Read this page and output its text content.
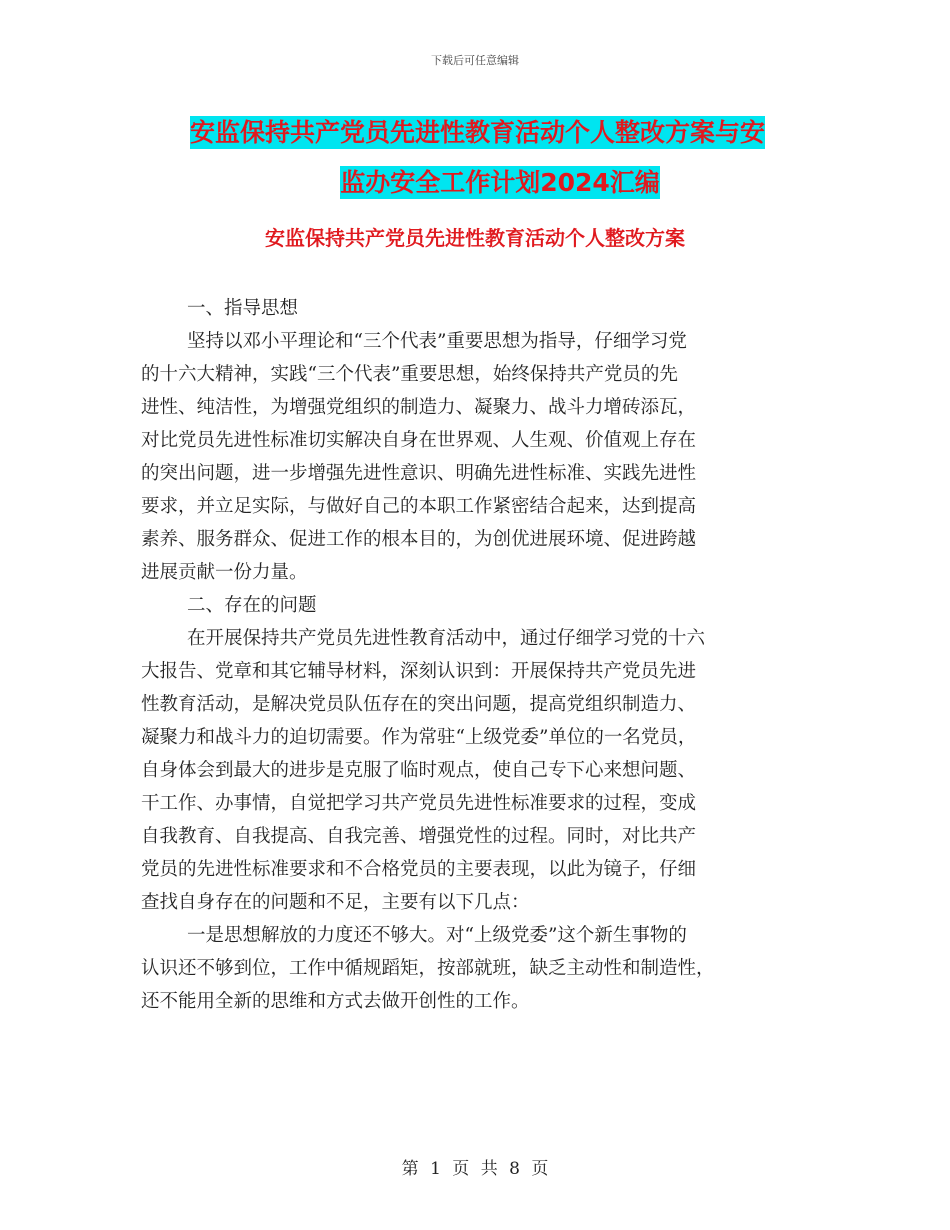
下载后可任意编辑
安监保持共产党员先进性教育活动个人整改方案与安
监办安全工作计划2024汇编
安监保持共产党员先进性教育活动个人整改方案
一、指导思想
坚持以邓小平理论和“三个代表”重要思想为指导，仔细学习党
的十六大精神，实践“三个代表”重要思想，始终保持共产党员的先
进性、纯洁性，为增强党组织的制造力、凝聚力、战斗力增砖添瓦，
对比党员先进性标准切实解决自身在世界观、人生观、价值观上存在
的突出问题，进一步增强先进性意识、明确先进性标准、实践先进性
要求，并立足实际，与做好自己的本职工作紧密结合起来，达到提高
素养、服务群众、促进工作的根本目的，为创优进展环境、促进跨越
进展贡献一份力量。
二、存在的问题
在开展保持共产党员先进性教育活动中，通过仔细学习党的十六
大报告、党章和其它辅导材料，深刻认识到：开展保持共产党员先进
性教育活动，是解决党员队伍存在的突出问题，提高党组织制造力、
凝聚力和战斗力的迫切需要。作为常驻“上级党委”单位的一名党员，
自身体会到最大的进步是克服了临时观点，使自己专下心来想问题、
干工作、办事情，自觉把学习共产党员先进性标准要求的过程，变成
自我教育、自我提高、自我完善、增强党性的过程。同时，对比共产
党员的先进性标准要求和不合格党员的主要表现，以此为镜子，仔细
查找自身存在的问题和不足，主要有以下几点：
一是思想解放的力度还不够大。对“上级党委”这个新生事物的
认识还不够到位，工作中循规蹈矩，按部就班，缺乏主动性和制造性，
还不能用全新的思维和方式去做开创性的工作。
第 1 页 共 8 页
